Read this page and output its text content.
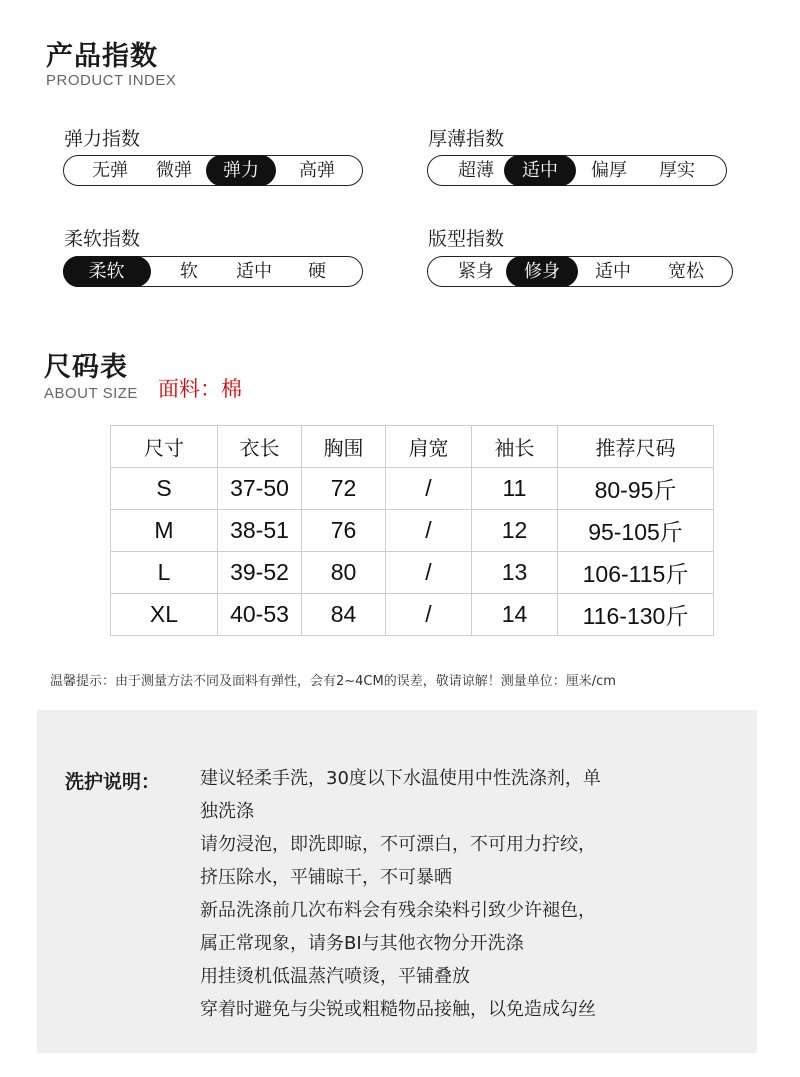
产品指数
PRODUCT INDEX
弹力指数
无弹	微弹	弹力	高弹
厚薄指数
超薄	适中	偏厚	厚实
柔软指数
柔软	软	适中	硬
版型指数
紧身	修身	适中	宽松
尺码表
ABOUT SIZE 面料：棉
尺寸	衣长	胸围	肩宽	袖长	推荐尺码
S	37-50	72	/	11	80-95斤
M	38-51	76	/	12	95-105斤
L	39-52	80	/	13	106-115斤
XL	40-53	84	/	14	116-130斤
温馨提示：由于测量方法不同及面料有弹性，会有2~4CM的误差，敬请谅解！测量单位：厘米/cm
洗护说明： 建议轻柔手洗，30度以下水温使用中性洗涤剂，单
独洗涤
请勿浸泡，即洗即晾，不可漂白，不可用力拧绞，
挤压除水，平铺晾干，不可暴晒
新品洗涤前几次布料会有残余染料引致少许褪色，
属正常现象，请务BI与其他衣物分开洗涤
用挂烫机低温蒸汽喷烫，平铺叠放
穿着时避免与尖锐或粗糙物品接触，以免造成勾丝
